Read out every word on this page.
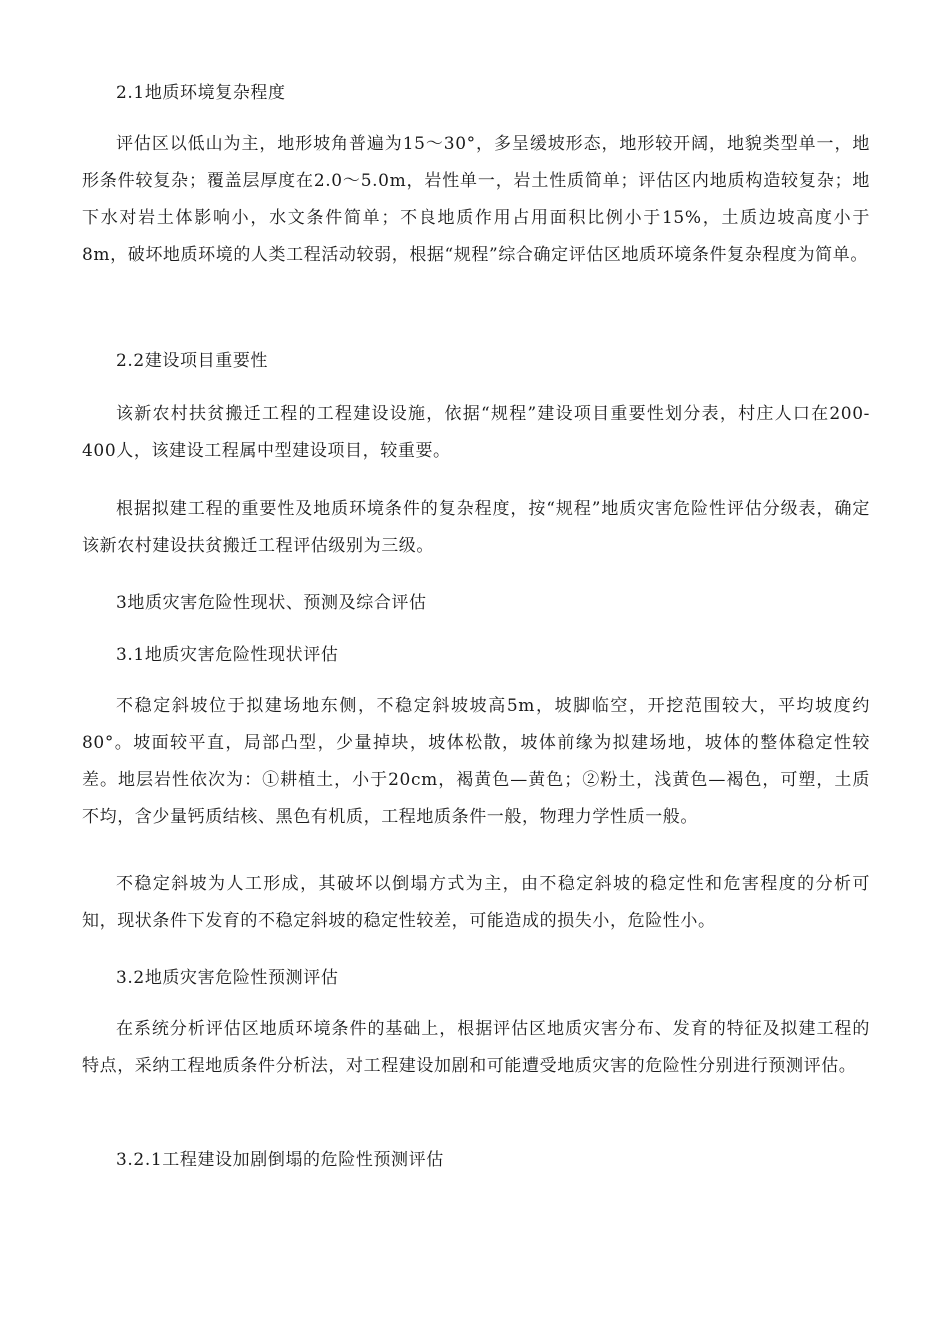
2.1地质环境复杂程度
评估区以低山为主，地形坡角普遍为15～30°，多呈缓坡形态，地形较开阔，地貌类型单一，地形条件较复杂；覆盖层厚度在2.0～5.0m，岩性单一，岩土性质简单；评估区内地质构造较复杂；地下水对岩土体影响小，水文条件简单；不良地质作用占用面积比例小于15%，土质边坡高度小于8m，破坏地质环境的人类工程活动较弱，根据“规程”综合确定评估区地质环境条件复杂程度为简单。
2.2建设项目重要性
该新农村扶贫搬迁工程的工程建设设施，依据“规程”建设项目重要性划分表，村庄人口在200-400人，该建设工程属中型建设项目，较重要。
根据拟建工程的重要性及地质环境条件的复杂程度，按“规程”地质灾害危险性评估分级表，确定该新农村建设扶贫搬迁工程评估级别为三级。
3地质灾害危险性现状、预测及综合评估
3.1地质灾害危险性现状评估
不稳定斜坡位于拟建场地东侧，不稳定斜坡坡高5m，坡脚临空，开挖范围较大，平均坡度约80°。坡面较平直，局部凸型，少量掉块，坡体松散，坡体前缘为拟建场地，坡体的整体稳定性较差。地层岩性依次为：①耕植土，小于20cm，褐黄色—黄色；②粉土，浅黄色—褐色，可塑，土质不均，含少量钙质结核、黑色有机质，工程地质条件一般，物理力学性质一般。
不稳定斜坡为人工形成，其破坏以倒塌方式为主，由不稳定斜坡的稳定性和危害程度的分析可知，现状条件下发育的不稳定斜坡的稳定性较差，可能造成的损失小，危险性小。
3.2地质灾害危险性预测评估
在系统分析评估区地质环境条件的基础上，根据评估区地质灾害分布、发育的特征及拟建工程的特点，采纳工程地质条件分析法，对工程建设加剧和可能遭受地质灾害的危险性分别进行预测评估。
3.2.1工程建设加剧倒塌的危险性预测评估
